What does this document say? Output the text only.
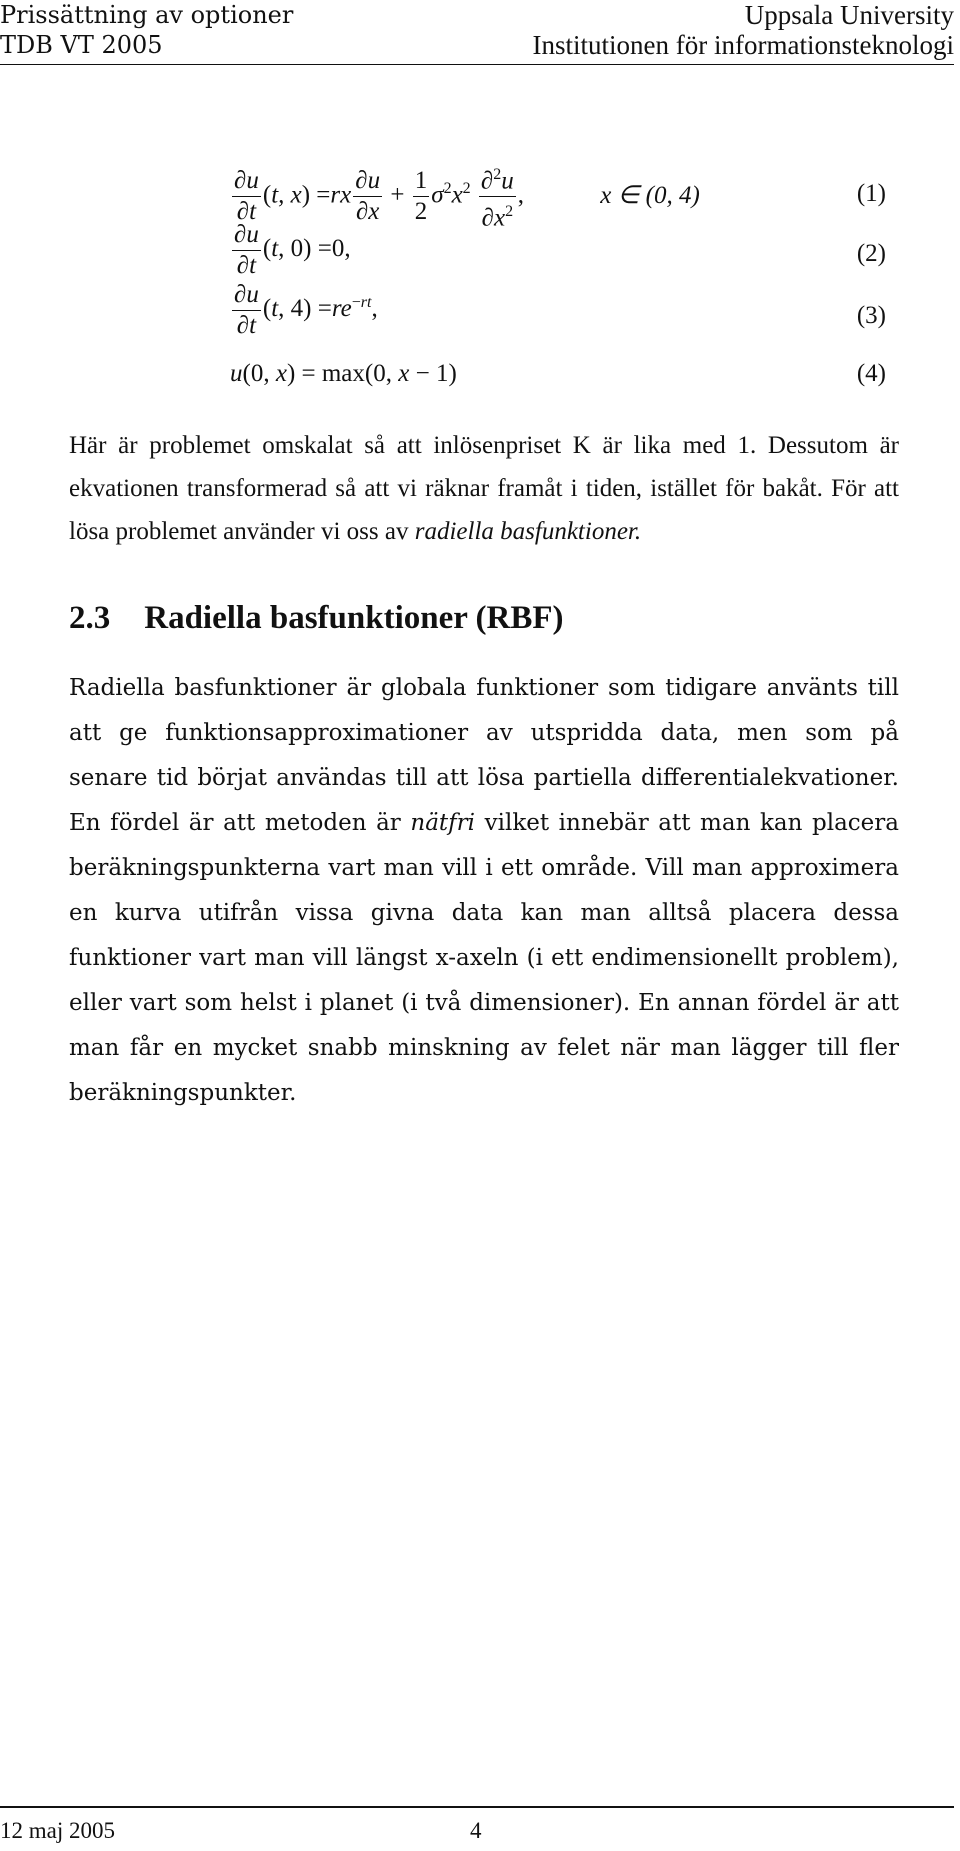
Prissättning av optioner
TDB VT 2005
Uppsala University
Institutionen för informationsteknologi
$\frac{\partial u}{\partial t} (t$, $x) =rx \frac{\partial u}{\partial x} + \frac{1}{2} \sigma^2x^2 \frac{\partial^2u}{\partial x^2}$ ,	x ∈ (0, 4)	(1)
$\frac{\partial u}{\partial t} (t$, 0) =0,	(2)
$\frac{\partial u}{\partial t} (t$, $4) =re^{-rt}$,	(3)
u(0, x) = max(0, x − 1)	(4)

Här är problemet omskalat så att inlösenpriset K är lika med 1. Dessutom är ekvationen transformerad så att vi räknar framåt i tiden, istället för bakåt. För att lösa problemet använder vi oss av radiella basfunktioner.

2.3 Radiella basfunktioner (RBF)

Radiella basfunktioner är globala funktioner som tidigare använts till att ge funktionsapproximationer av utspridda data, men som på senare tid börjat användas till att lösa partiella differentialekvationer. En fördel är att metoden är nätfri vilket innebär att man kan placera beräkningspunkterna vart man vill i ett område. Vill man approximera en kurva utifrån vissa givna data kan man alltså placera dessa funktioner vart man vill längst x-axeln (i ett endimensionellt problem), eller vart som helst i planet (i två dimensioner). En annan fördel är att man får en mycket snabb minskning av felet när man lägger till fler beräkningspunkter.

12 maj 2005	4
